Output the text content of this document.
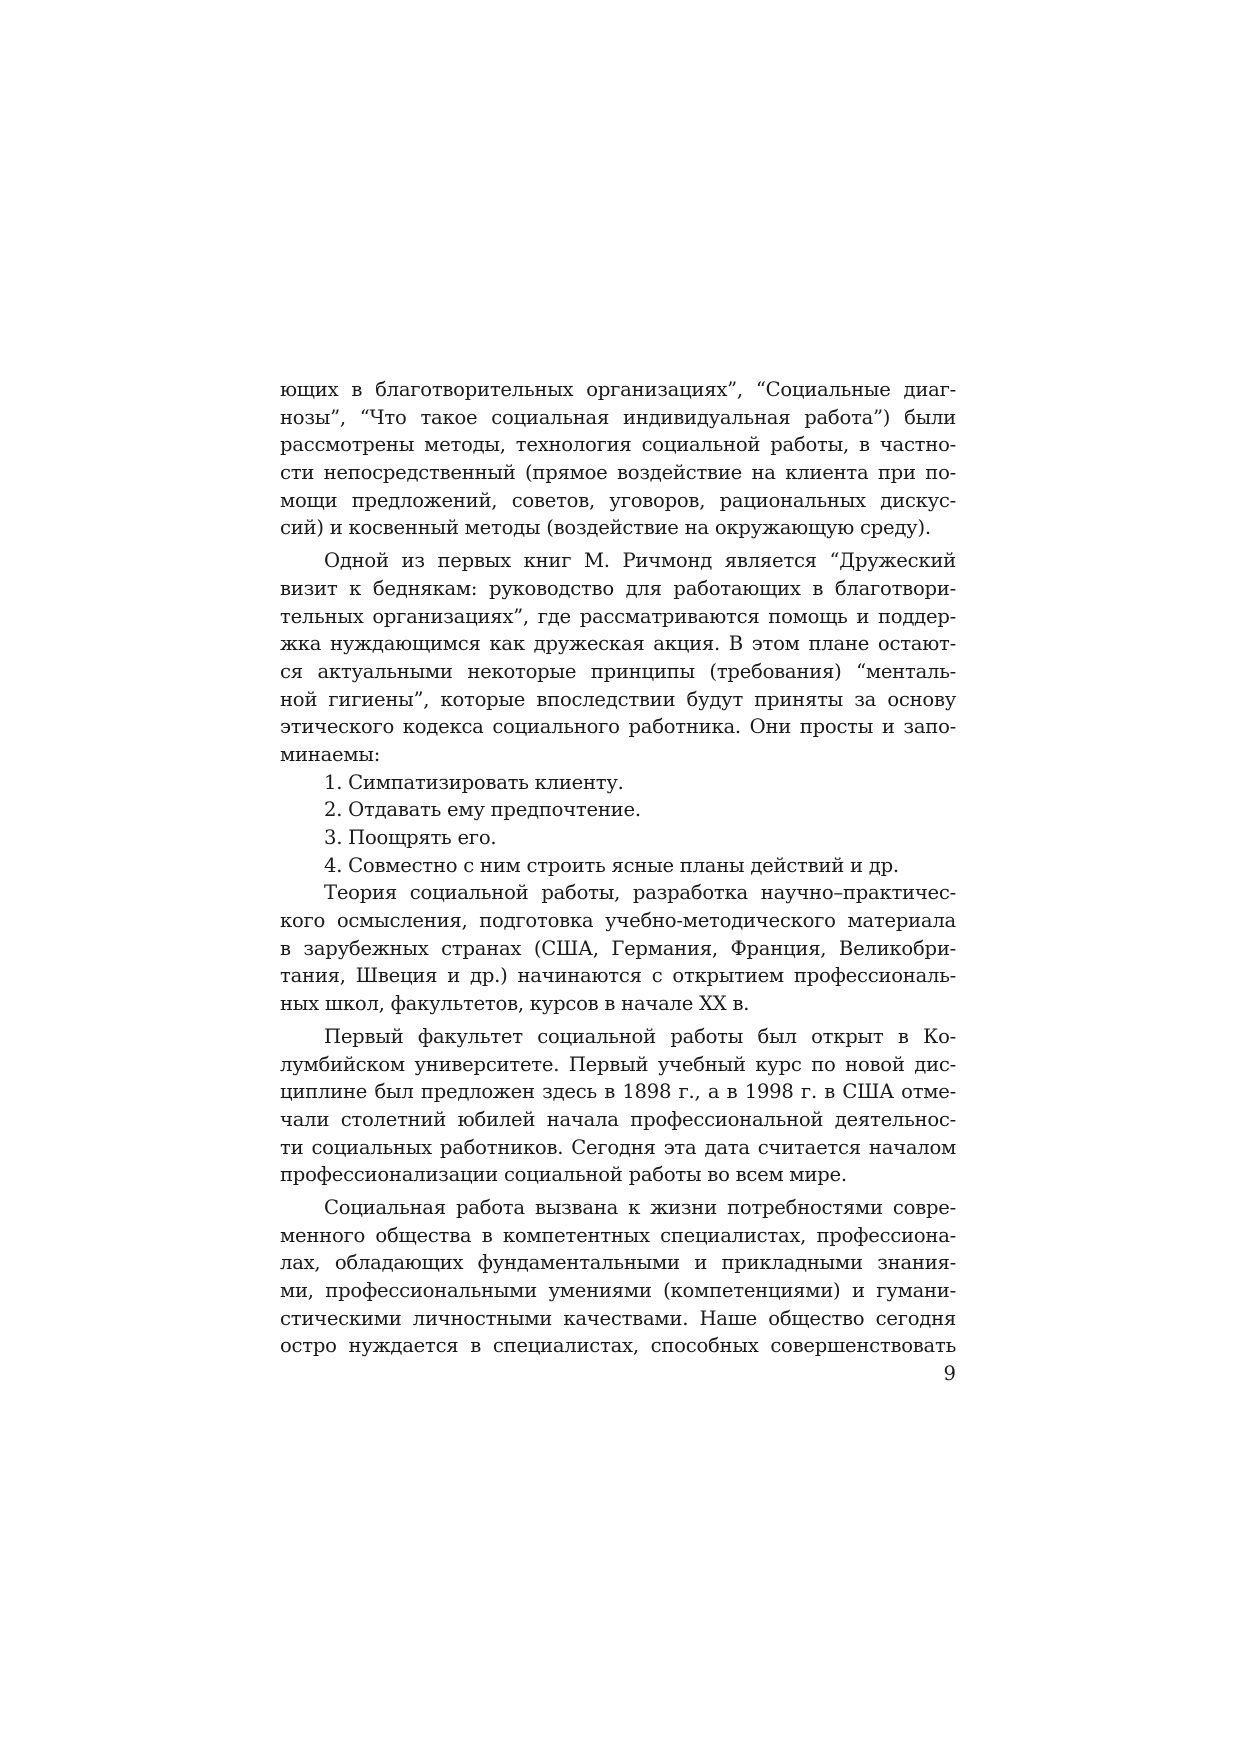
ющих в благотворительных организациях”, “Социальные диаг-
нозы”, “Что такое социальная индивидуальная работа”) были
рассмотрены методы, технология социальной работы, в частно-
сти непосредственный (прямое воздействие на клиента при по-
мощи предложений, советов, уговоров, рациональных дискус-
сий) и косвенный методы (воздействие на окружающую среду).
Одной из первых книг М. Ричмонд является “Дружеский
визит к беднякам: руководство для работающих в благотвори-
тельных организациях”, где рассматриваются помощь и поддер-
жка нуждающимся как дружеская акция. В этом плане остают-
ся актуальными некоторые принципы (требования) “менталь-
ной гигиены”, которые впоследствии будут приняты за основу
этического кодекса социального работника. Они просты и запо-
минаемы:
1. Симпатизировать клиенту.
2. Отдавать ему предпочтение.
3. Поощрять его.
4. Совместно с ним строить ясные планы действий и др.
Теория социальной работы, разработка научно–практичес-
кого осмысления, подготовка учебно-методического материала
в зарубежных странах (США, Германия, Франция, Великобри-
тания, Швеция и др.) начинаются с открытием профессиональ-
ных школ, факультетов, курсов в начале XX в.
Первый факультет социальной работы был открыт в Ко-
лумбийском университете. Первый учебный курс по новой дис-
циплине был предложен здесь в 1898 г., а в 1998 г. в США отме-
чали столетний юбилей начала профессиональной деятельнос-
ти социальных работников. Сегодня эта дата считается началом
профессионализации социальной работы во всем мире.
Социальная работа вызвана к жизни потребностями совре-
менного общества в компетентных специалистах, профессиона-
лах, обладающих фундаментальными и прикладными знания-
ми, профессиональными умениями (компетенциями) и гумани-
стическими личностными качествами. Наше общество сегодня
остро нуждается в специалистах, способных совершенствовать
9
